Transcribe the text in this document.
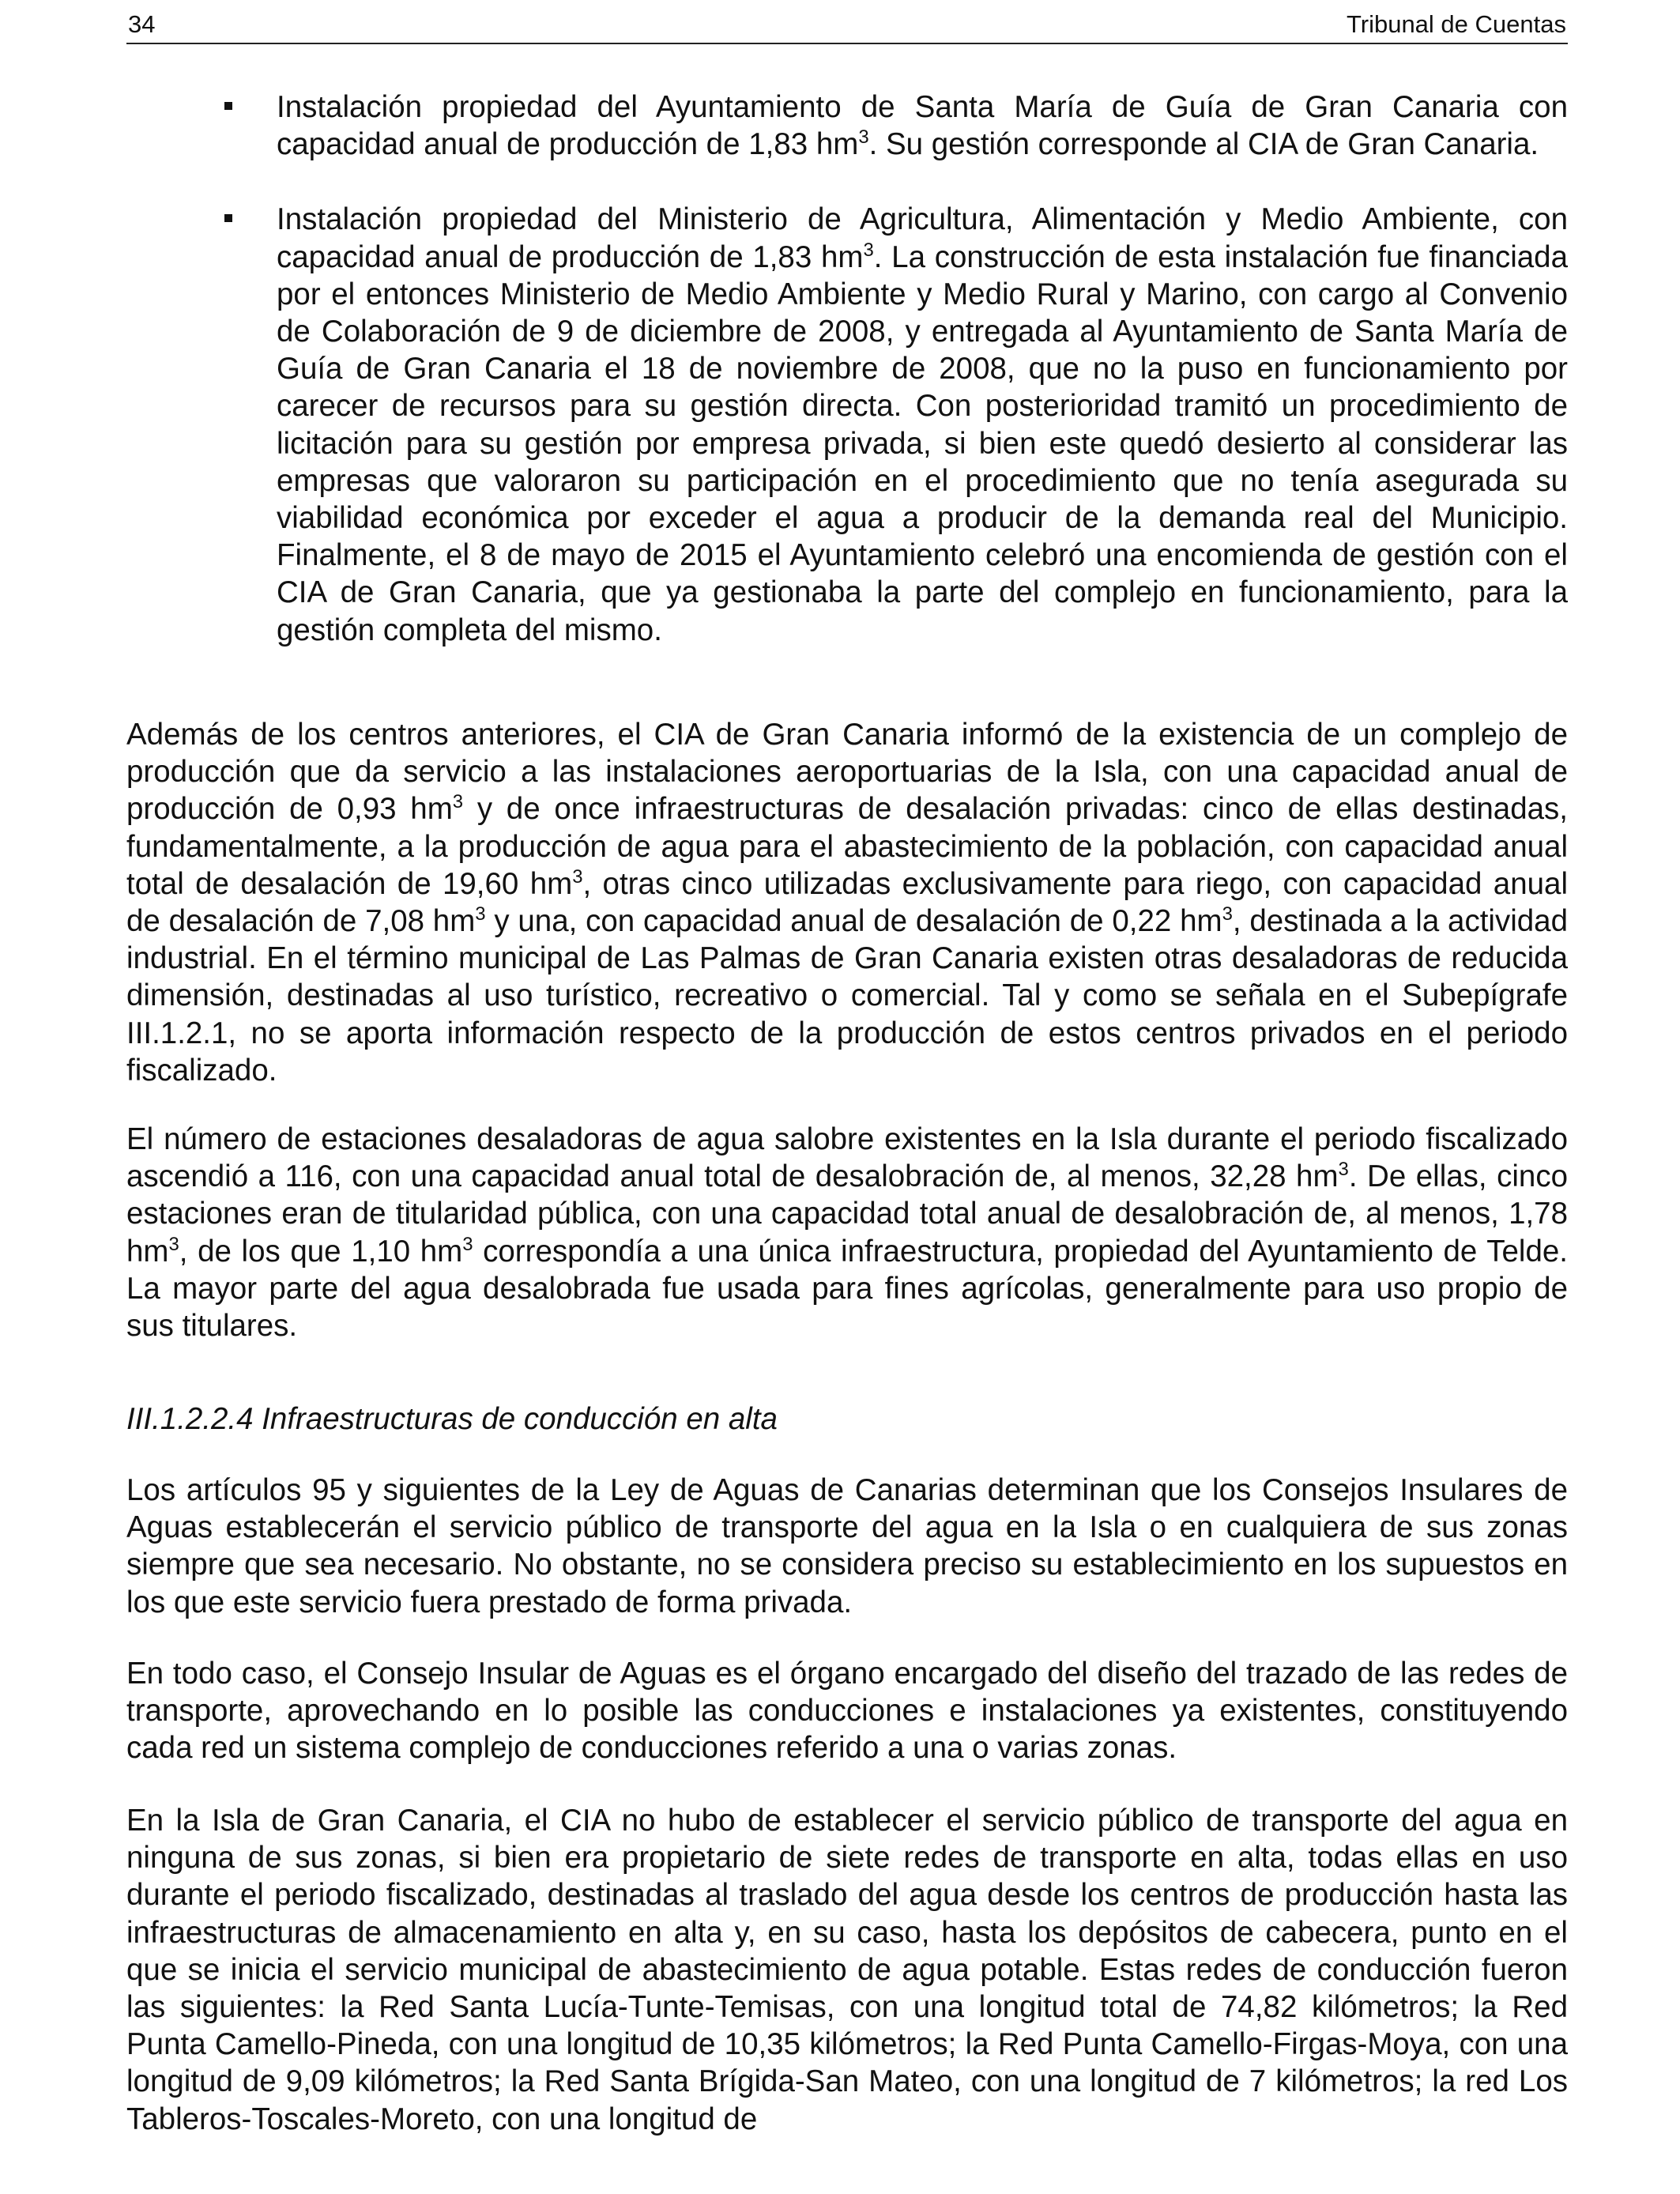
34	Tribunal de Cuentas

Instalación propiedad del Ayuntamiento de Santa María de Guía de Gran Canaria con capacidad anual de producción de 1,83 $hm^3$. Su gestión corresponde al CIA de Gran Canaria.

Instalación propiedad del Ministerio de Agricultura, Alimentación y Medio Ambiente, con capacidad anual de producción de 1,83 $hm^3$. La construcción de esta instalación fue financiada por el entonces Ministerio de Medio Ambiente y Medio Rural y Marino, con cargo al Convenio de Colaboración de 9 de diciembre de 2008, y entregada al Ayuntamiento de Santa María de Guía de Gran Canaria el 18 de noviembre de 2008, que no la puso en funcionamiento por carecer de recursos para su gestión directa. Con posterioridad tramitó un procedimiento de licitación para su gestión por empresa privada, si bien este quedó desierto al considerar las empresas que valoraron su participación en el procedimiento que no tenía asegurada su viabilidad económica por exceder el agua a producir de la demanda real del Municipio. Finalmente, el 8 de mayo de 2015 el Ayuntamiento celebró una encomienda de gestión con el CIA de Gran Canaria, que ya gestionaba la parte del complejo en funcionamiento, para la gestión completa del mismo.

Además de los centros anteriores, el CIA de Gran Canaria informó de la existencia de un complejo de producción que da servicio a las instalaciones aeroportuarias de la Isla, con una capacidad anual de producción de 0,93 $hm^3$ y de once infraestructuras de desalación privadas: cinco de ellas destinadas, fundamentalmente, a la producción de agua para el abastecimiento de la población, con capacidad anual total de desalación de 19,60 $hm^3$, otras cinco utilizadas exclusivamente para riego, con capacidad anual de desalación de 7,08 $hm^3$ y una, con capacidad anual de desalación de 0,22 $hm^3$, destinada a la actividad industrial. En el término municipal de Las Palmas de Gran Canaria existen otras desaladoras de reducida dimensión, destinadas al uso turístico, recreativo o comercial. Tal y como se señala en el Subepígrafe III.1.2.1, no se aporta información respecto de la producción de estos centros privados en el periodo fiscalizado.

El número de estaciones desaladoras de agua salobre existentes en la Isla durante el periodo fiscalizado ascendió a 116, con una capacidad anual total de desalobración de, al menos, 32,28 $hm^3$. De ellas, cinco estaciones eran de titularidad pública, con una capacidad total anual de desalobración de, al menos, 1,78 $hm^3$, de los que 1,10 $hm^3$ correspondía a una única infraestructura, propiedad del Ayuntamiento de Telde. La mayor parte del agua desalobrada fue usada para fines agrícolas, generalmente para uso propio de sus titulares.

III.1.2.2.4 Infraestructuras de conducción en alta

Los artículos 95 y siguientes de la Ley de Aguas de Canarias determinan que los Consejos Insulares de Aguas establecerán el servicio público de transporte del agua en la Isla o en cualquiera de sus zonas siempre que sea necesario. No obstante, no se considera preciso su establecimiento en los supuestos en los que este servicio fuera prestado de forma privada.

En todo caso, el Consejo Insular de Aguas es el órgano encargado del diseño del trazado de las redes de transporte, aprovechando en lo posible las conducciones e instalaciones ya existentes, constituyendo cada red un sistema complejo de conducciones referido a una o varias zonas.

En la Isla de Gran Canaria, el CIA no hubo de establecer el servicio público de transporte del agua en ninguna de sus zonas, si bien era propietario de siete redes de transporte en alta, todas ellas en uso durante el periodo fiscalizado, destinadas al traslado del agua desde los centros de producción hasta las infraestructuras de almacenamiento en alta y, en su caso, hasta los depósitos de cabecera, punto en el que se inicia el servicio municipal de abastecimiento de agua potable. Estas redes de conducción fueron las siguientes: la Red Santa Lucía-Tunte-Temisas, con una longitud total de 74,82 kilómetros; la Red Punta Camello-Pineda, con una longitud de 10,35 kilómetros; la Red Punta Camello-Firgas-Moya, con una longitud de 9,09 kilómetros; la Red Santa Brígida-San Mateo, con una longitud de 7 kilómetros; la red Los Tableros-Toscales-Moreto, con una longitud de
